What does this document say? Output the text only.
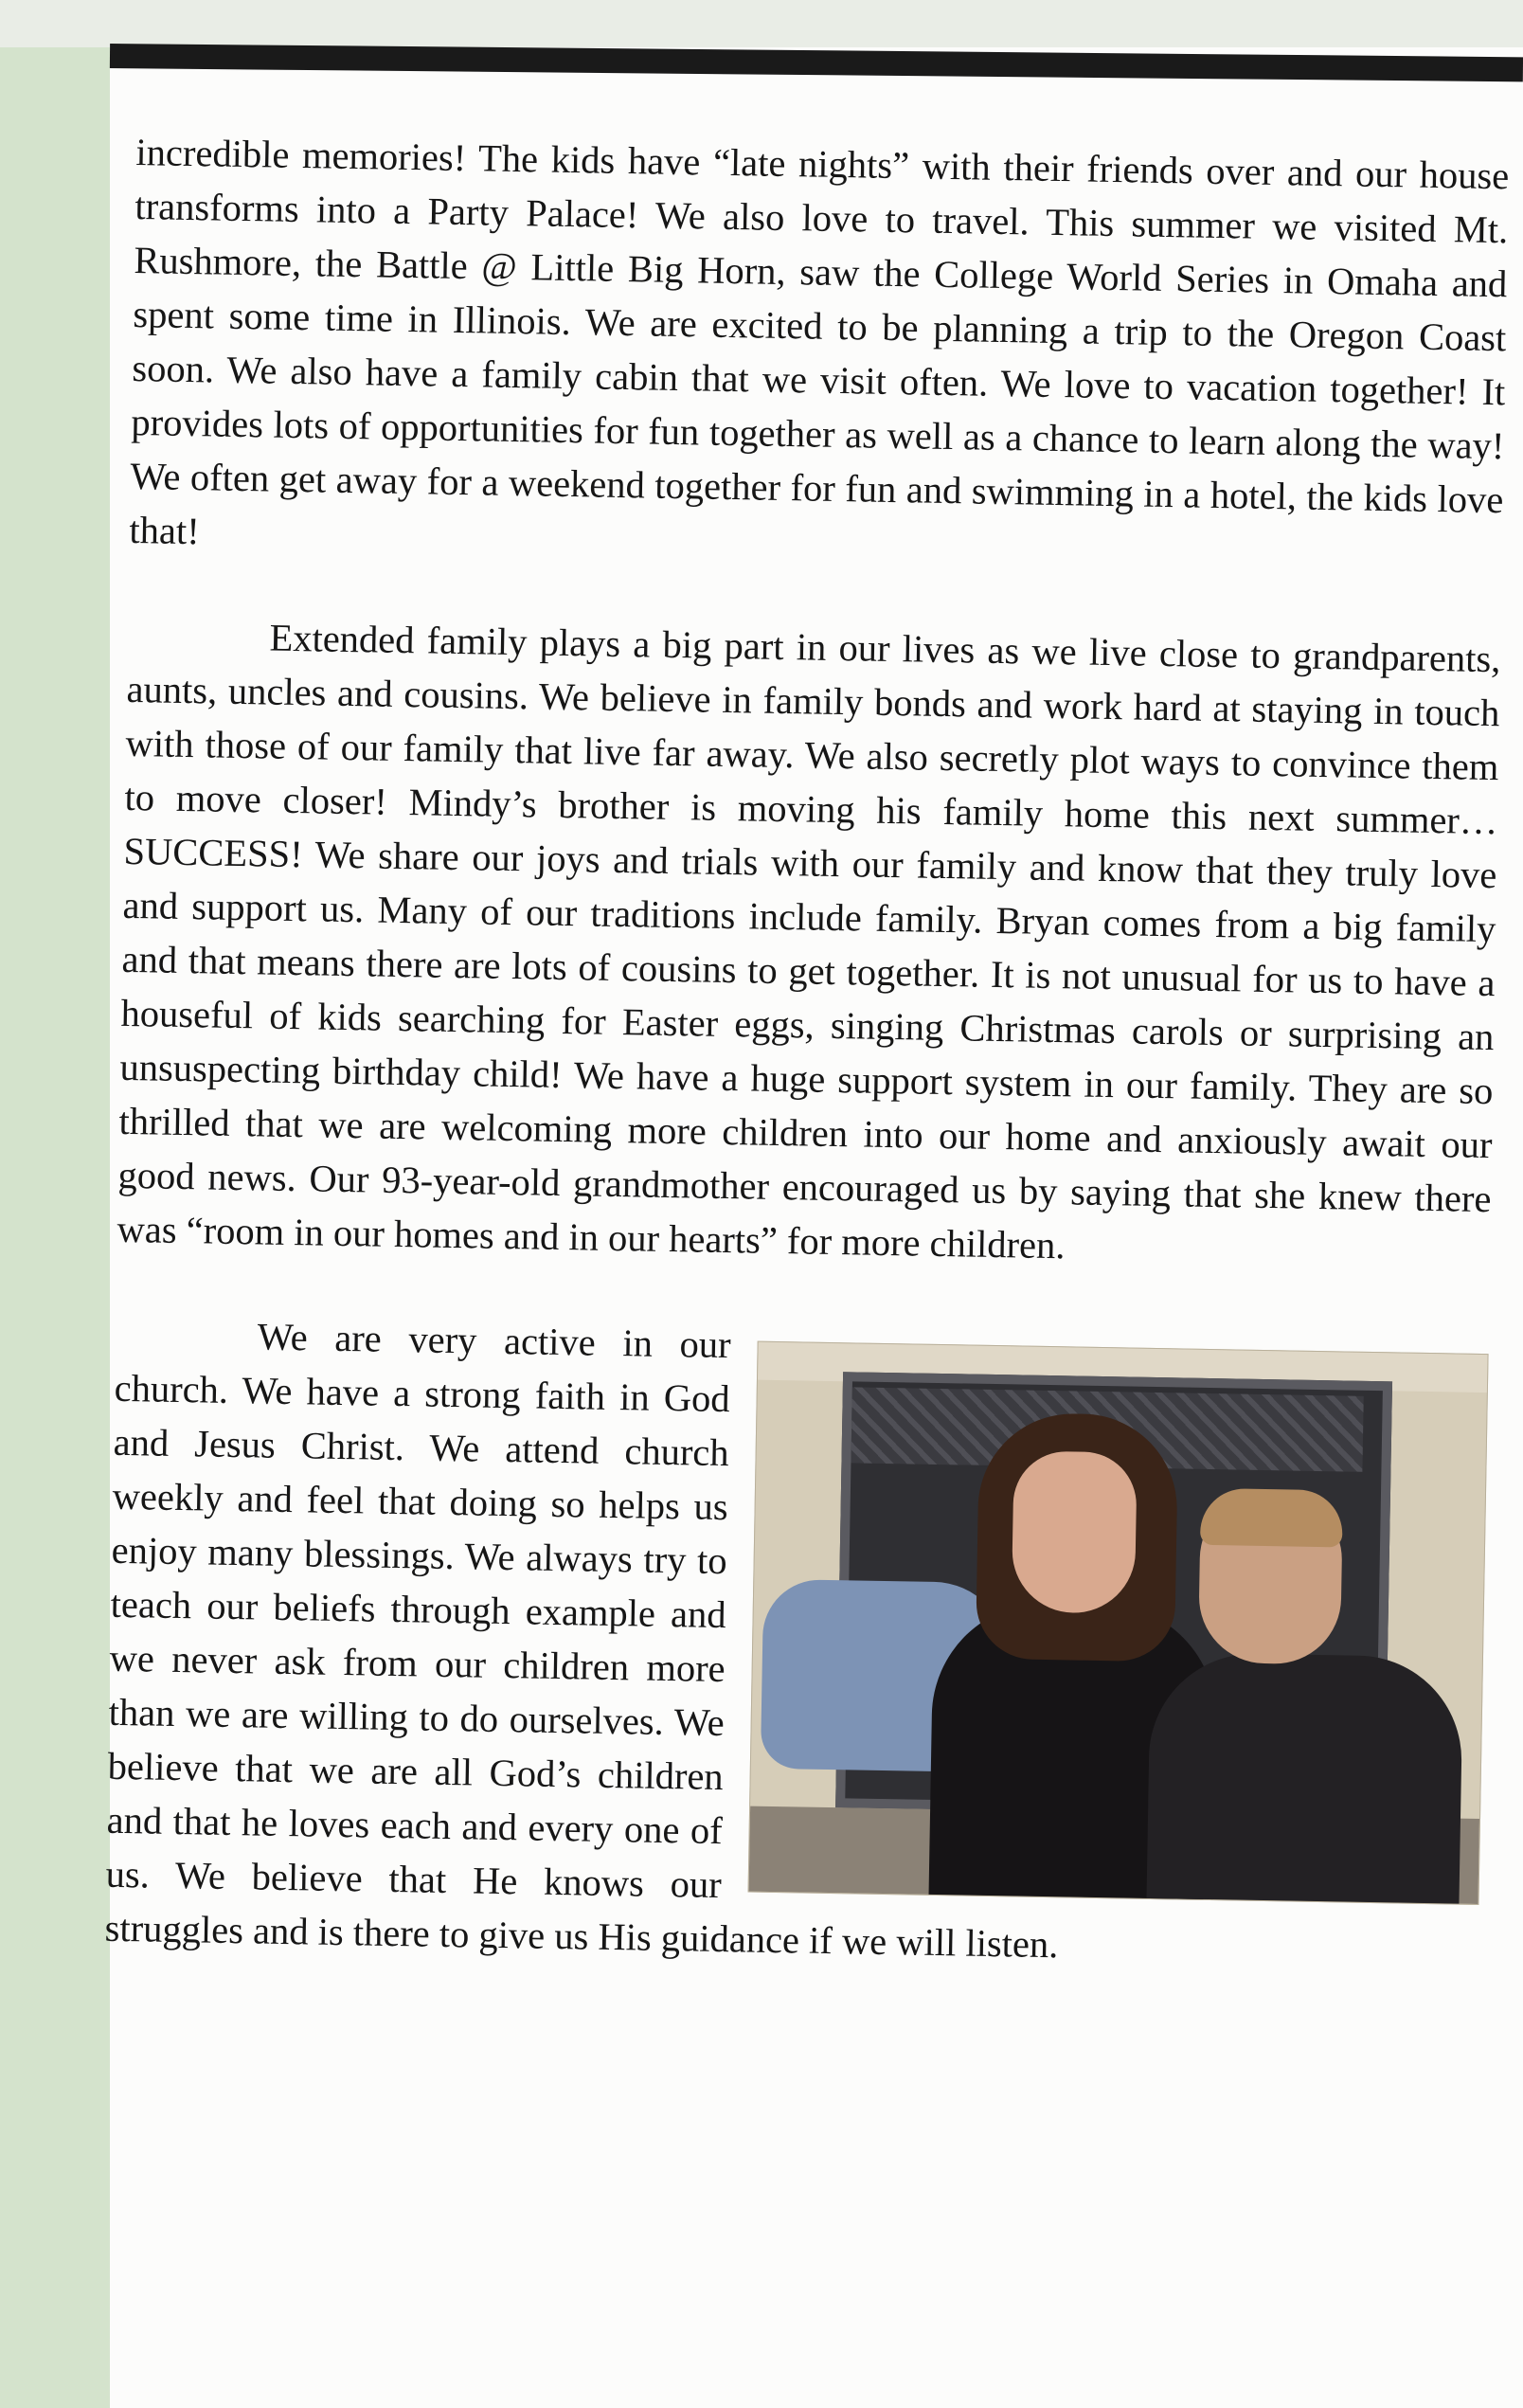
incredible memories! The kids have “late nights” with their friends over and our house transforms into a Party Palace! We also love to travel. This summer we visited Mt. Rushmore, the Battle @ Little Big Horn, saw the College World Series in Omaha and spent some time in Illinois. We are excited to be planning a trip to the Oregon Coast soon. We also have a family cabin that we visit often. We love to vacation together! It provides lots of opportunities for fun together as well as a chance to learn along the way! We often get away for a weekend together for fun and swimming in a hotel, the kids love that!

Extended family plays a big part in our lives as we live close to grandparents, aunts, uncles and cousins. We believe in family bonds and work hard at staying in touch with those of our family that live far away. We also secretly plot ways to convince them to move closer! Mindy’s brother is moving his family home this next summer…SUCCESS! We share our joys and trials with our family and know that they truly love and support us. Many of our traditions include family. Bryan comes from a big family and that means there are lots of cousins to get together. It is not unusual for us to have a houseful of kids searching for Easter eggs, singing Christmas carols or surprising an unsuspecting birthday child! We have a huge support system in our family. They are so thrilled that we are welcoming more children into our home and anxiously await our good news. Our 93-year-old grandmother encouraged us by saying that she knew there was “room in our homes and in our hearts” for more children.

We are very active in our church. We have a strong faith in God and Jesus Christ. We attend church weekly and feel that doing so helps us enjoy many blessings. We always try to teach our beliefs through example and we never ask from our children more than we are willing to do ourselves. We believe that we are all God’s children and that he loves each and every one of us. We believe that He knows our struggles and is there to give us His guidance if we will listen.
